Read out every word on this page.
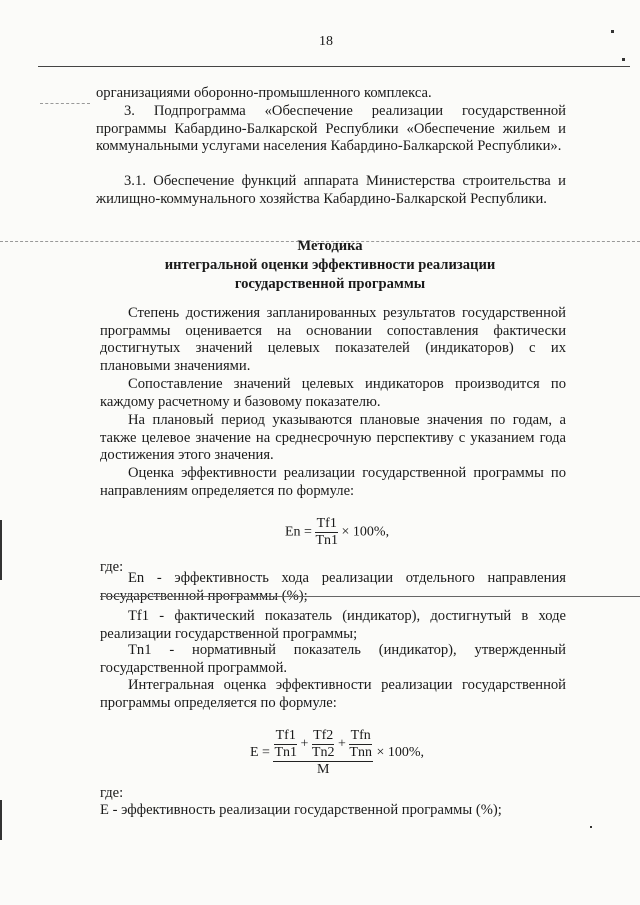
18

организациями оборонно-промышленного комплекса.

3. Подпрограмма «Обеспечение реализации государственной программы Кабардино-Балкарской Республики «Обеспечение жильем и коммунальными услугами населения Кабардино-Балкарской Республики».

3.1. Обеспечение функций аппарата Министерства строительства и жилищно-коммунального хозяйства Кабардино-Балкарской Республики.

Методика
интегральной оценки эффективности реализации
государственной программы

Степень достижения запланированных результатов государственной программы оценивается на основании сопоставления фактически достигнутых значений целевых показателей (индикаторов) с их плановыми значениями.

Сопоставление значений целевых индикаторов производится по каждому расчетному и базовому показателю.

На плановый период указываются плановые значения по годам, а также целевое значение на среднесрочную перспективу с указанием года достижения этого значения.

Оценка эффективности реализации государственной программы по направлениям определяется по формуле:

$En = \frac{Tf1}{Tn1} \times 100\%$,

где:

En - эффективность хода реализации отдельного направления государственной программы (%);

Tf1 - фактический показатель (индикатор), достигнутый в ходе реализации государственной программы;

Tn1 - нормативный показатель (индикатор), утвержденный государственной программой.

Интегральная оценка эффективности реализации государственной программы определяется по формуле:

$E = \frac{\frac{Tf1}{Tn1} + \frac{Tf2}{Tn2} + \frac{\text{Tfn}}{\text{Tnn}}}{M} \times 100\%$,

где:

Е - эффективность реализации государственной программы (%);
